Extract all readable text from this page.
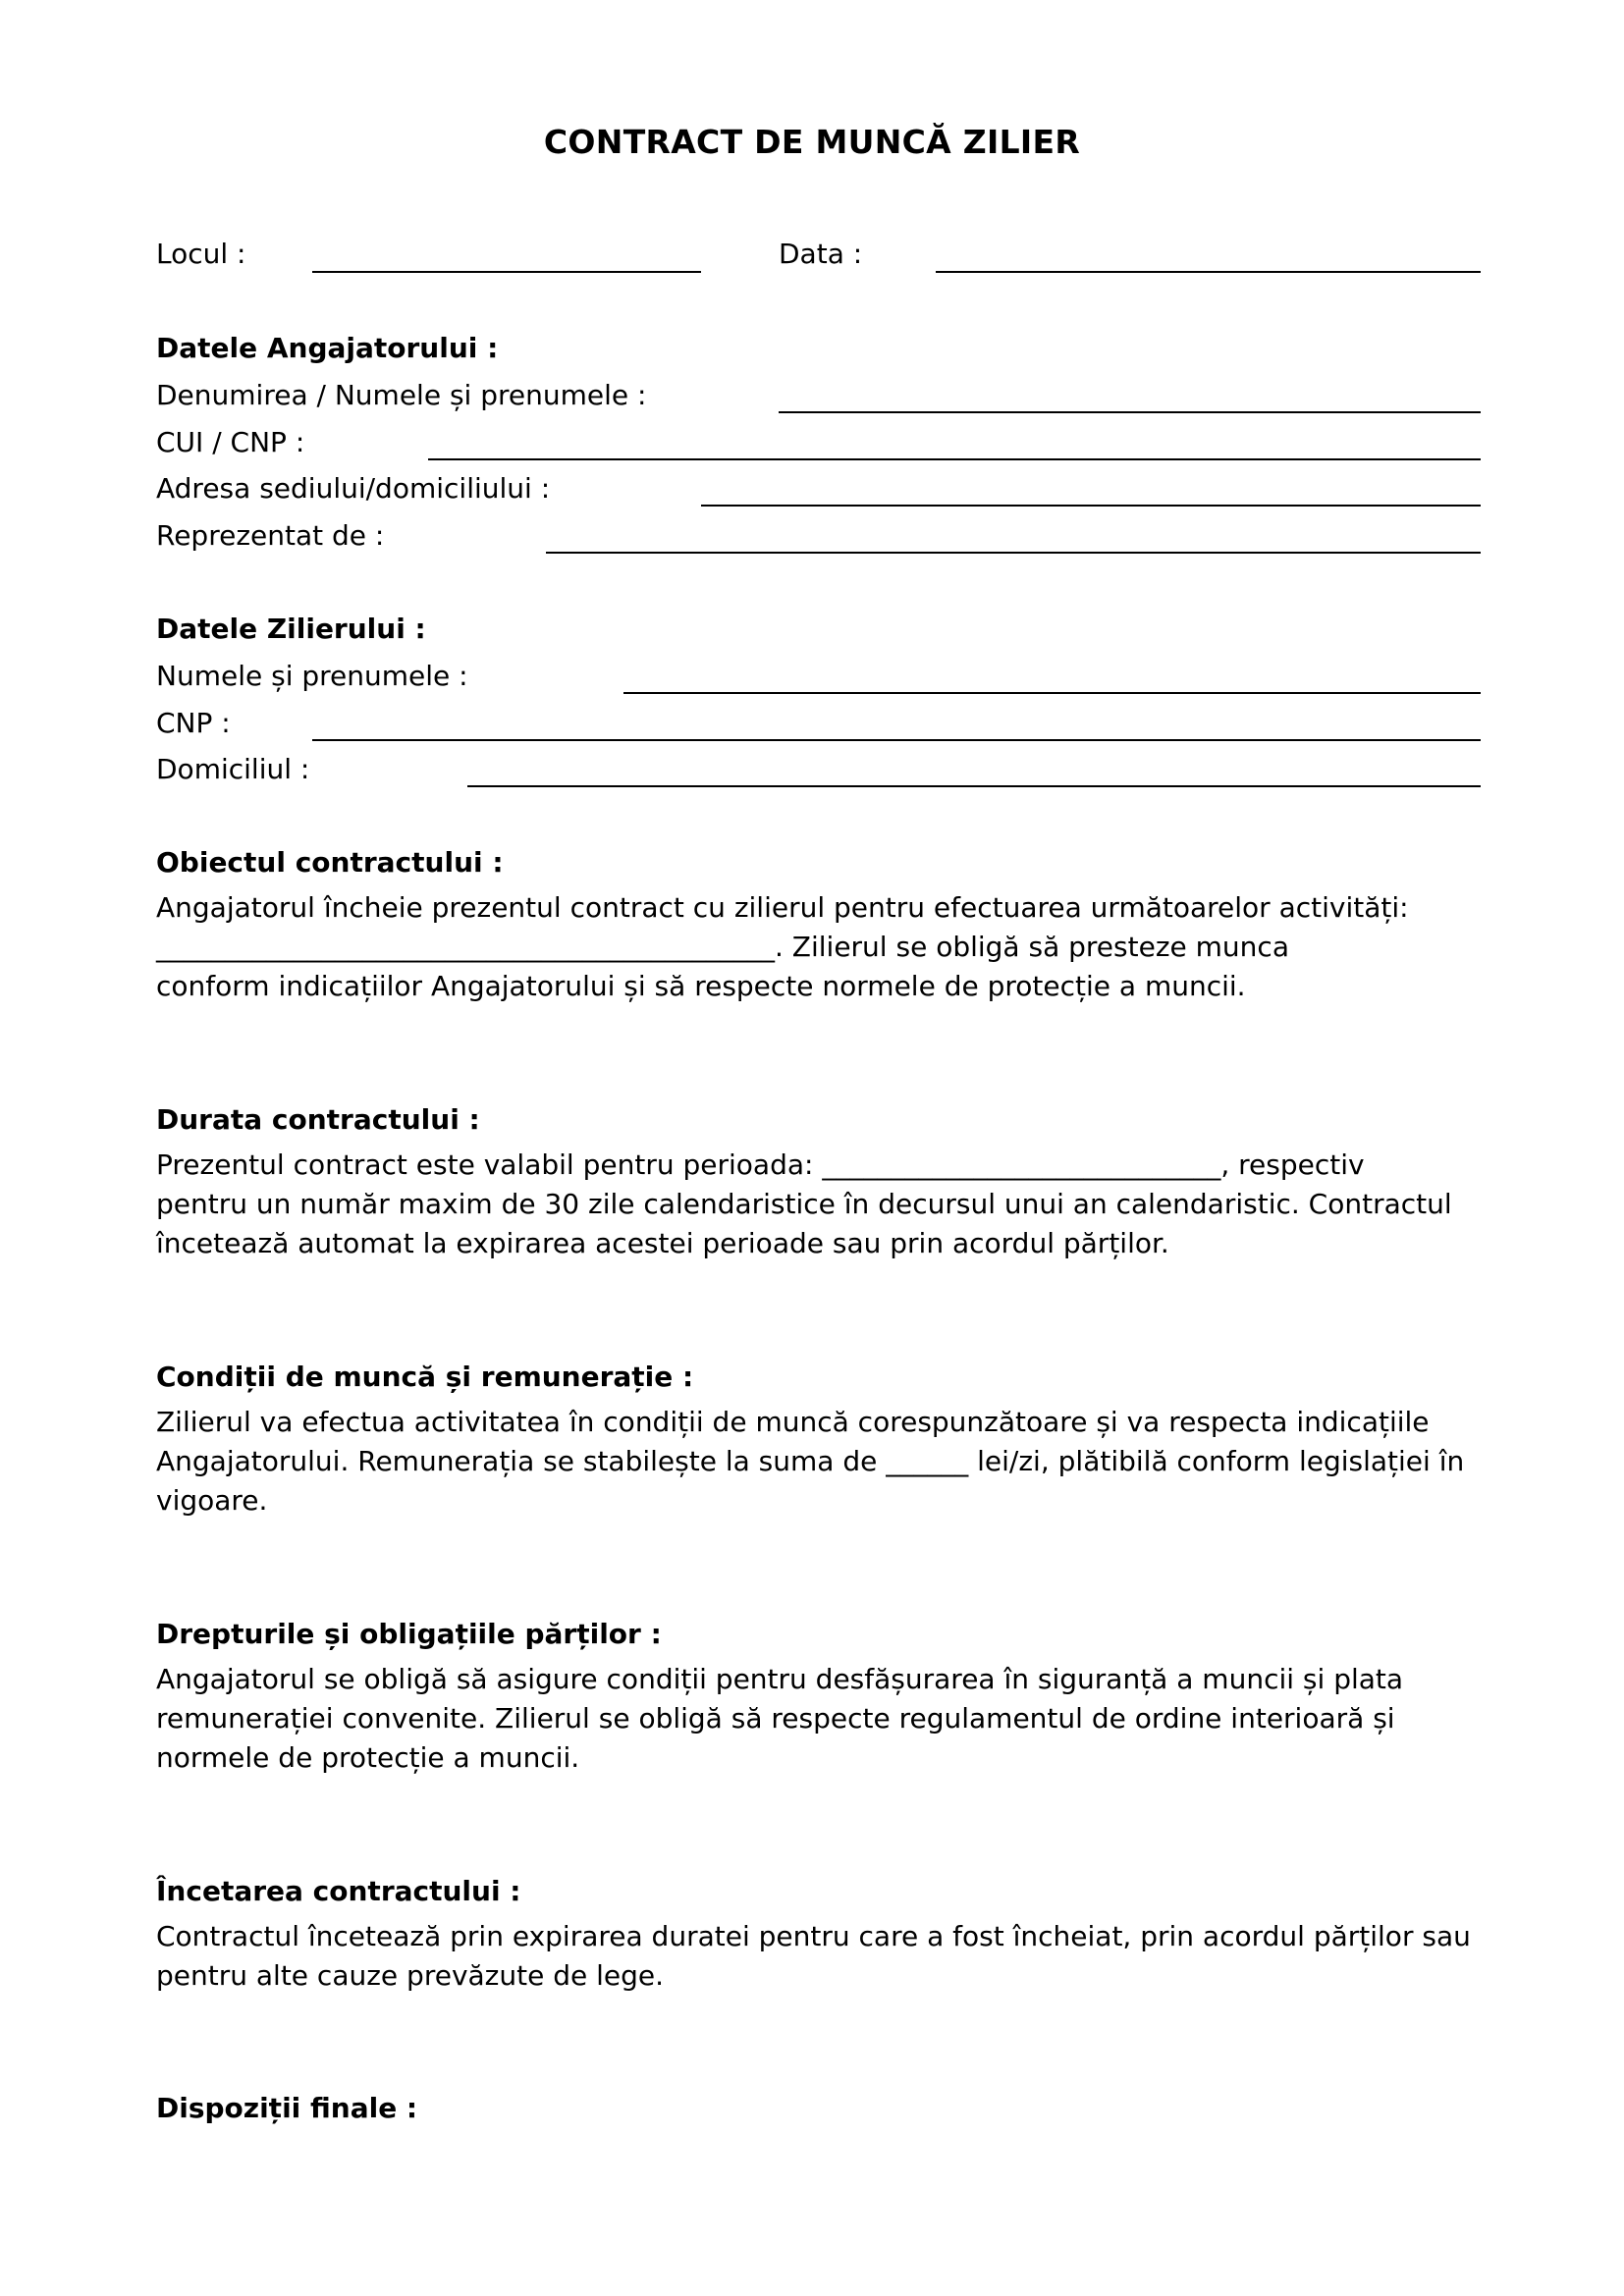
CONTRACT DE MUNCĂ ZILIER
Locul :	Data :
Datele Angajatorului :
Denumirea / Numele și prenumele :
CUI / CNP :
Adresa sediului/domiciliului :
Reprezentat de :
Datele Zilierului :
Numele și prenumele :
CNP :
Domiciliul :
Obiectul contractului :
Angajatorul încheie prezentul contract cu zilierul pentru efectuarea următoarelor activități:
_____________________________________________. Zilierul se obligă să presteze munca
conform indicațiilor Angajatorului și să respecte normele de protecție a muncii.
Durata contractului :
Prezentul contract este valabil pentru perioada: _____________________________, respectiv
pentru un număr maxim de 30 zile calendaristice în decursul unui an calendaristic. Contractul
încetează automat la expirarea acestei perioade sau prin acordul părților.
Condiții de muncă și remunerație :
Zilierul va efectua activitatea în condiții de muncă corespunzătoare și va respecta indicațiile
Angajatorului. Remunerația se stabilește la suma de ______ lei/zi, plătibilă conform legislației în
vigoare.
Drepturile și obligațiile părților :
Angajatorul se obligă să asigure condiții pentru desfășurarea în siguranță a muncii și plata
remunerației convenite. Zilierul se obligă să respecte regulamentul de ordine interioară și
normele de protecție a muncii.
Încetarea contractului :
Contractul încetează prin expirarea duratei pentru care a fost încheiat, prin acordul părților sau
pentru alte cauze prevăzute de lege.
Dispoziții finale :
